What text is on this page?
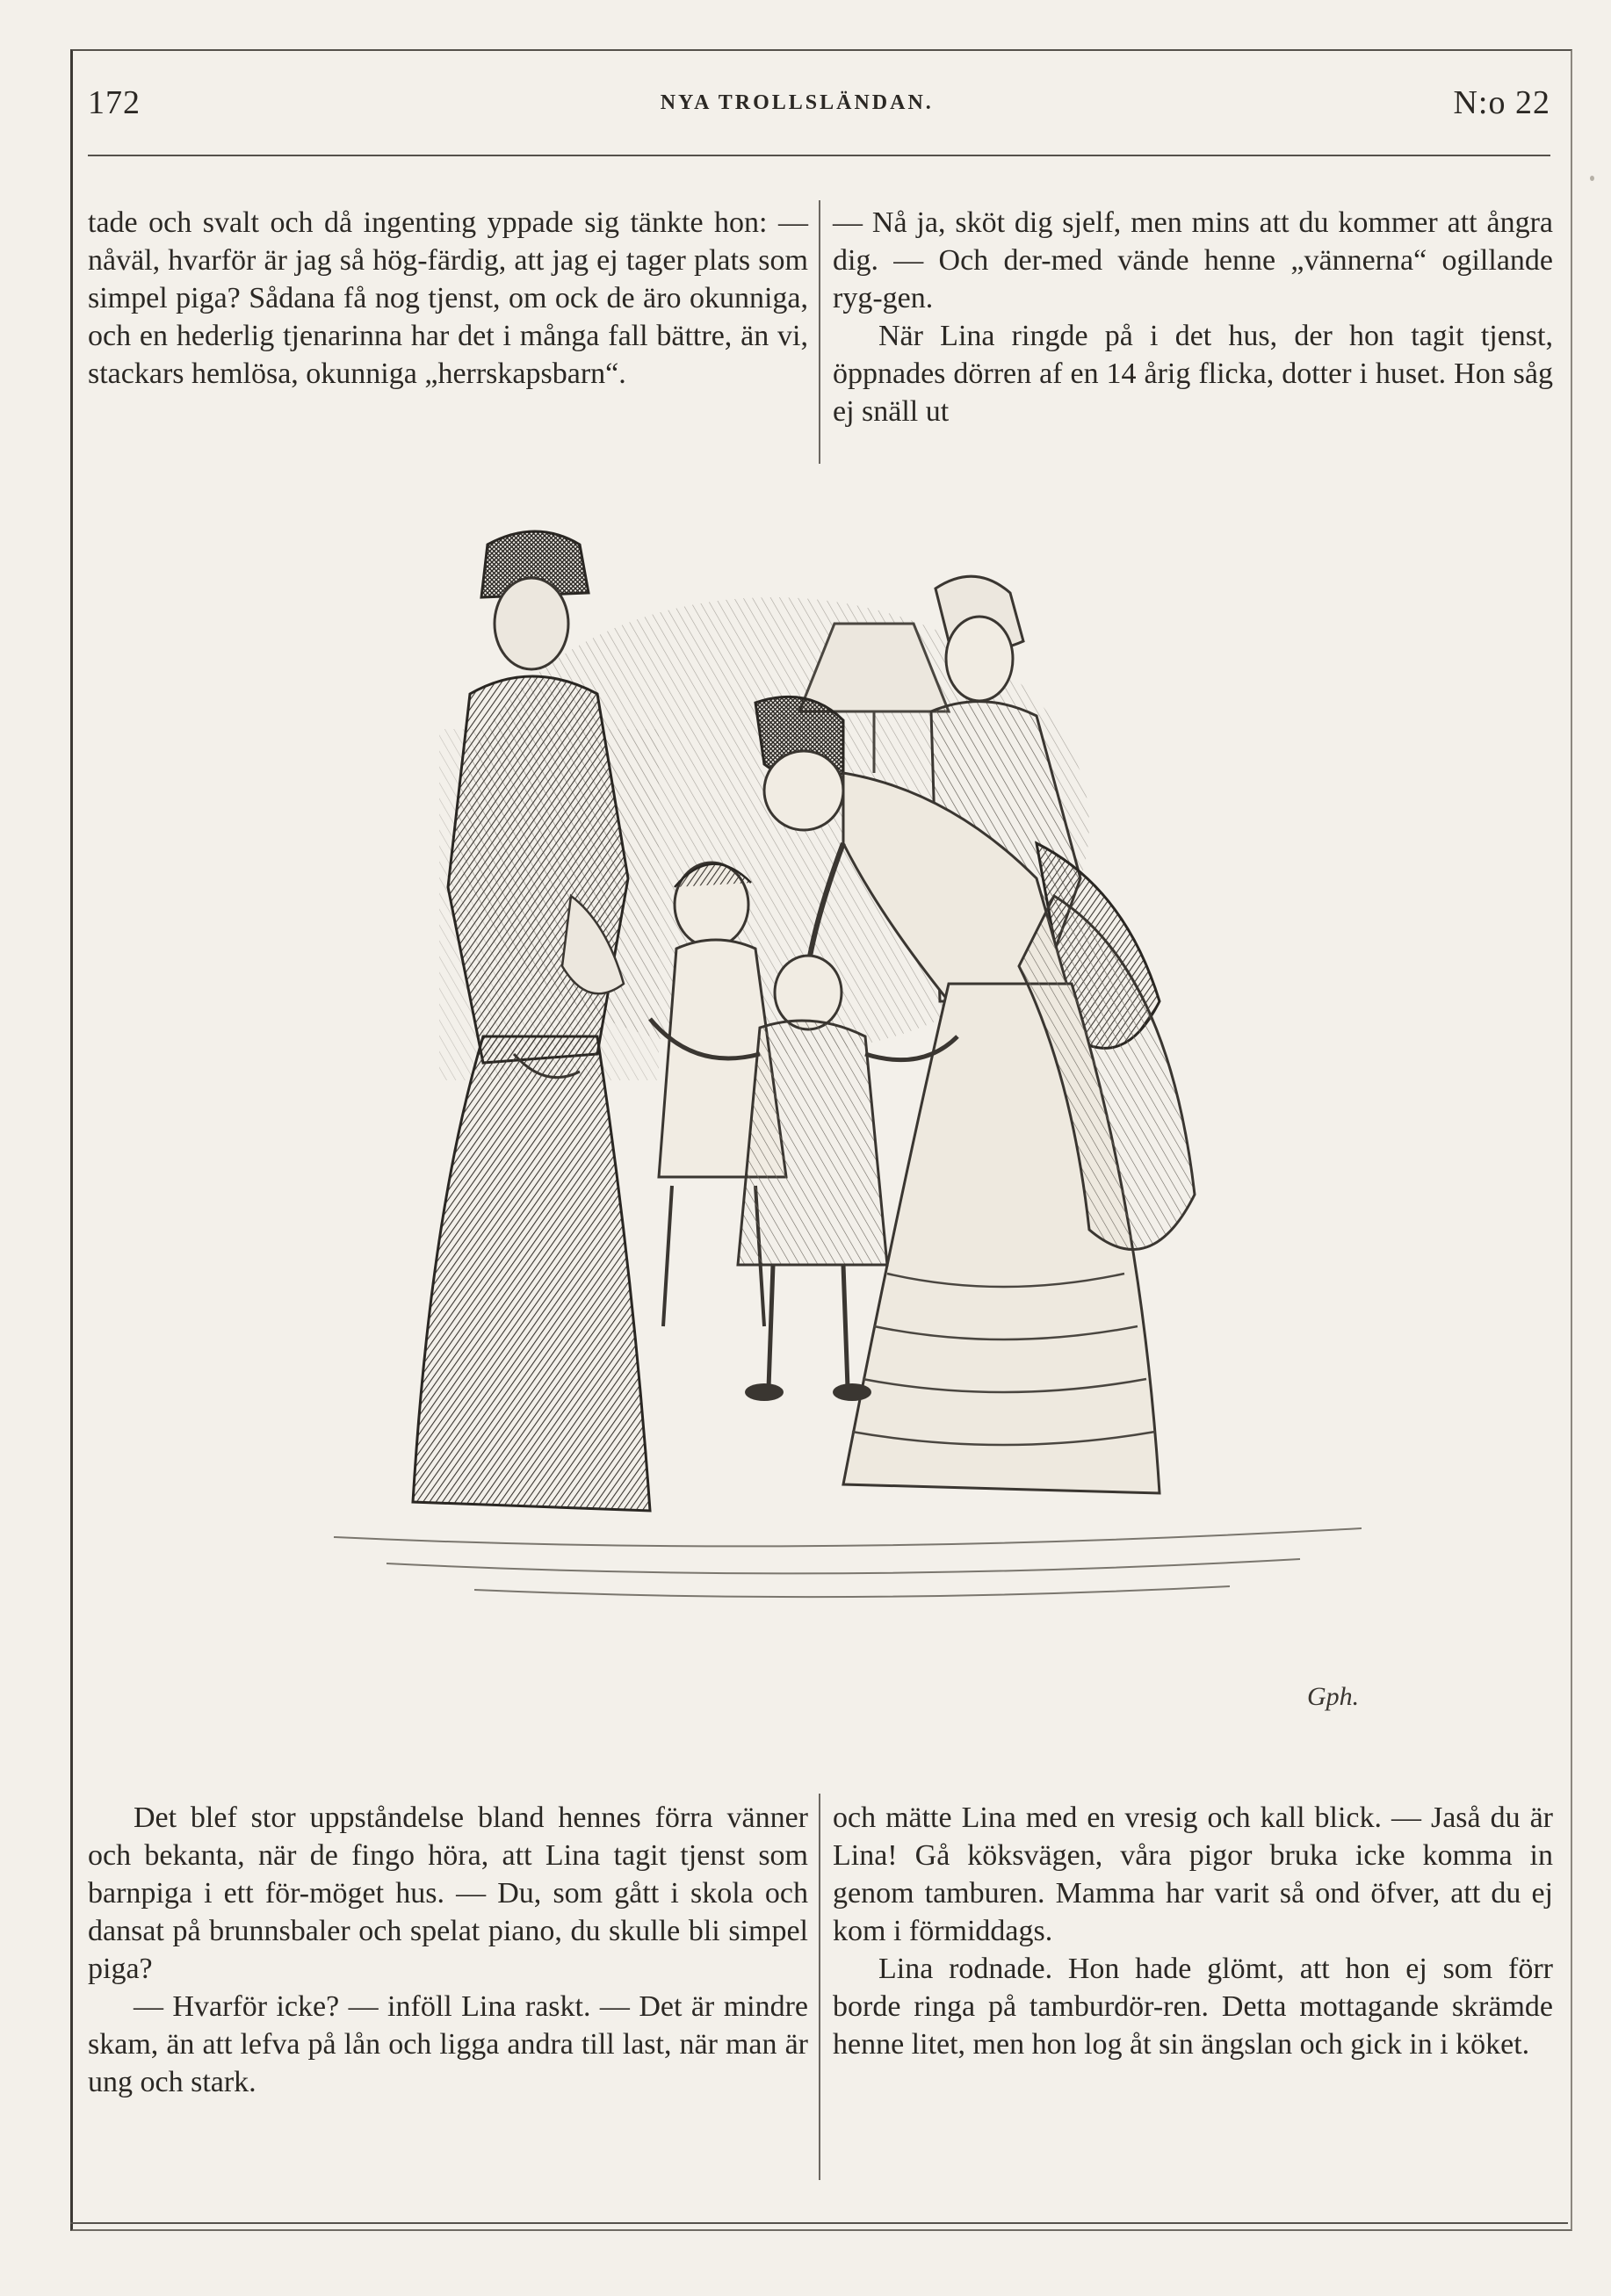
172	NYA TROLLSLÄNDAN.	N:o 22

tade och svalt och då ingenting yppade sig tänkte hon: — nåväl, hvarför är jag så hög-färdig, att jag ej tager plats som simpel piga? Sådana få nog tjenst, om ock de äro okunniga, och en hederlig tjenarinna har det i många fall bättre, än vi, stackars hemlösa, okunniga „herrskapsbarn“.

— Nå ja, sköt dig sjelf, men mins att du kommer att ångra dig. — Och der-med vände henne „vännerna“ ogillande ryg-gen.

När Lina ringde på i det hus, der hon tagit tjenst, öppnades dörren af en 14 årig flicka, dotter i huset. Hon såg ej snäll ut

Gph.

Det blef stor uppståndelse bland hennes förra vänner och bekanta, när de fingo höra, att Lina tagit tjenst som barnpiga i ett för-möget hus. — Du, som gått i skola och dansat på brunnsbaler och spelat piano, du skulle bli simpel piga?

— Hvarför icke? — inföll Lina raskt. — Det är mindre skam, än att lefva på lån och ligga andra till last, när man är ung och stark.

och mätte Lina med en vresig och kall blick. — Jaså du är Lina! Gå köksvägen, våra pigor bruka icke komma in genom tamburen. Mamma har varit så ond öfver, att du ej kom i förmiddags.

Lina rodnade. Hon hade glömt, att hon ej som förr borde ringa på tamburdör-ren. Detta mottagande skrämde henne litet, men hon log åt sin ängslan och gick in i köket.
